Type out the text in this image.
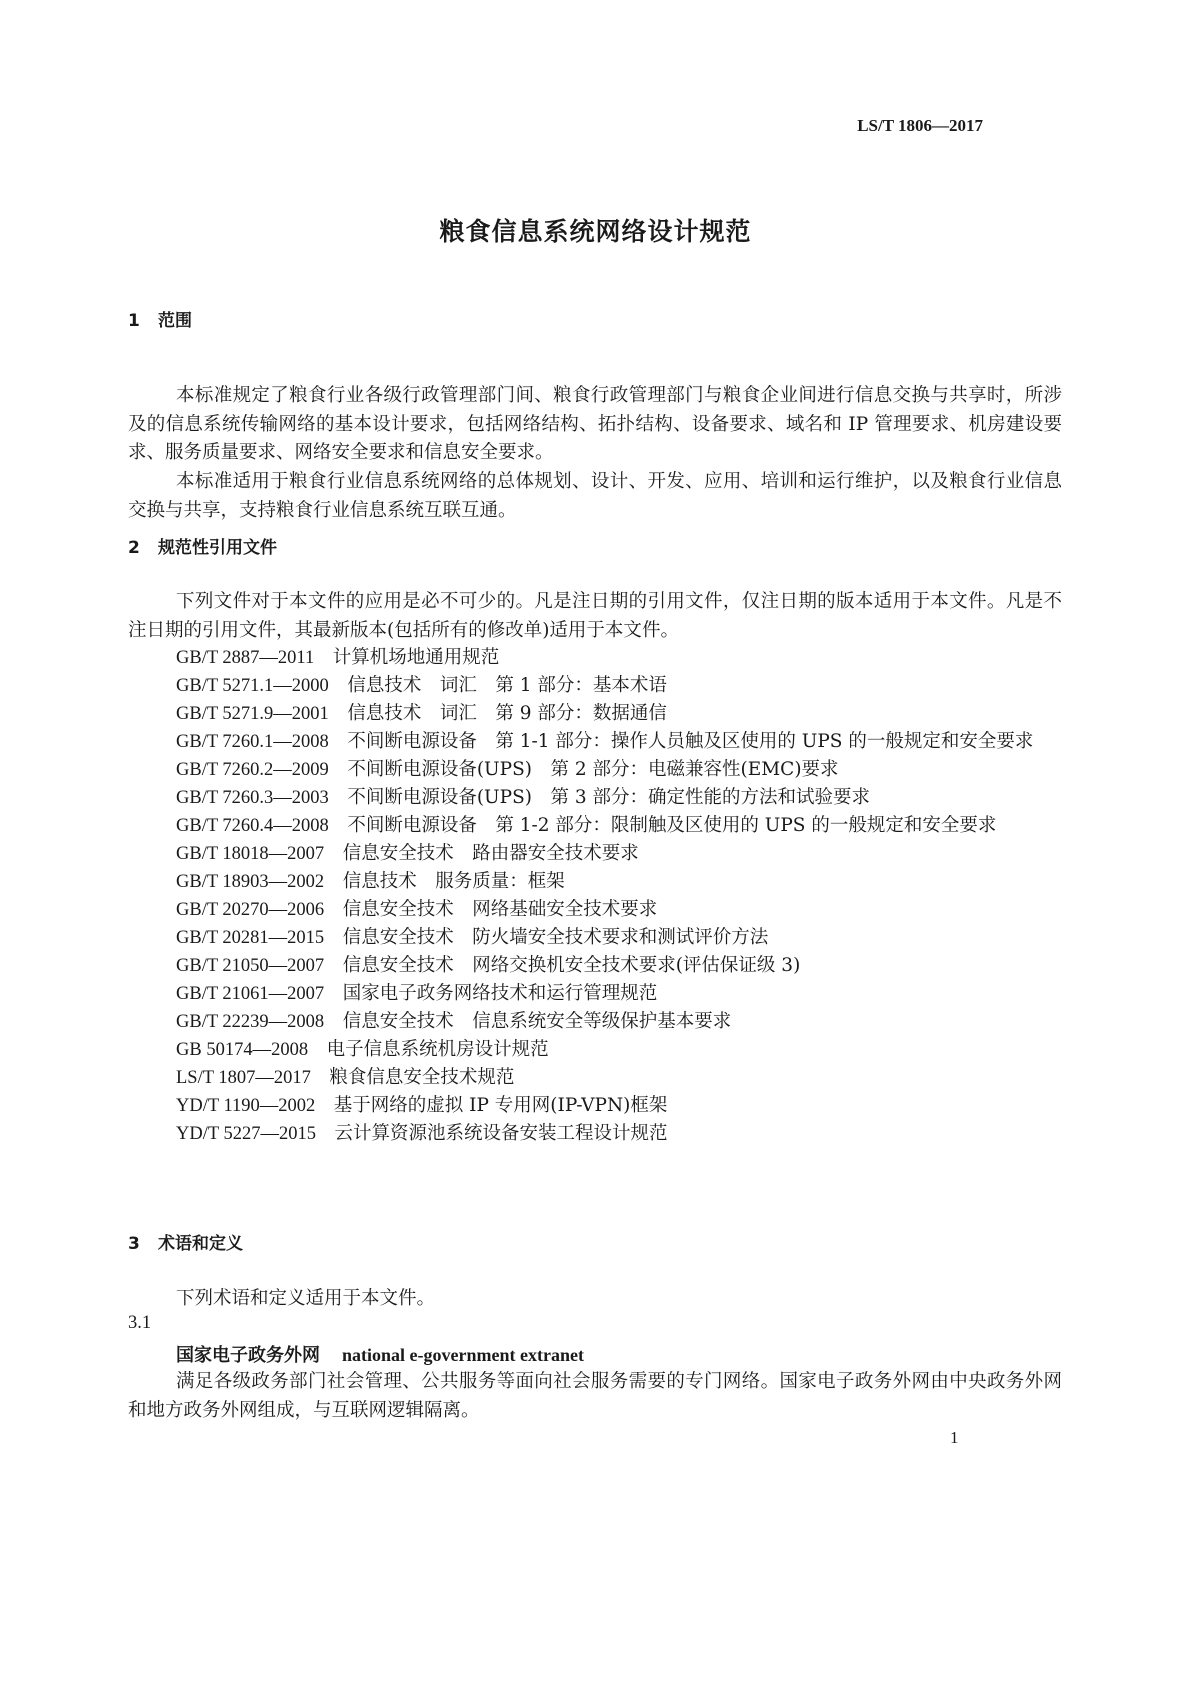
LS/T 1806—2017
粮食信息系统网络设计规范
1 范围
本标准规定了粮食行业各级行政管理部门间、粮食行政管理部门与粮食企业间进行信息交换与共享时，所涉及的信息系统传输网络的基本设计要求，包括网络结构、拓扑结构、设备要求、域名和 IP 管理要求、机房建设要求、服务质量要求、网络安全要求和信息安全要求。
本标准适用于粮食行业信息系统网络的总体规划、设计、开发、应用、培训和运行维护，以及粮食行业信息交换与共享，支持粮食行业信息系统互联互通。
2 规范性引用文件
下列文件对于本文件的应用是必不可少的。凡是注日期的引用文件，仅注日期的版本适用于本文件。凡是不注日期的引用文件，其最新版本(包括所有的修改单)适用于本文件。
GB/T 2887—2011　 计算机场地通用规范
GB/T 5271.1—2000　 信息技术　词汇　第 1 部分：基本术语
GB/T 5271.9—2001　 信息技术　词汇　第 9 部分：数据通信
GB/T 7260.1—2008　 不间断电源设备　第 1-1 部分：操作人员触及区使用的 UPS 的一般规定和安全要求
GB/T 7260.2—2009　 不间断电源设备(UPS)　第 2 部分：电磁兼容性(EMC)要求
GB/T 7260.3—2003　 不间断电源设备(UPS)　第 3 部分：确定性能的方法和试验要求
GB/T 7260.4—2008　 不间断电源设备　第 1-2 部分：限制触及区使用的 UPS 的一般规定和安全要求
GB/T 18018—2007　 信息安全技术　路由器安全技术要求
GB/T 18903—2002　 信息技术　服务质量：框架
GB/T 20270—2006　 信息安全技术　网络基础安全技术要求
GB/T 20281—2015　 信息安全技术　防火墙安全技术要求和测试评价方法
GB/T 21050—2007　 信息安全技术　网络交换机安全技术要求(评估保证级 3)
GB/T 21061—2007　 国家电子政务网络技术和运行管理规范
GB/T 22239—2008　 信息安全技术　信息系统安全等级保护基本要求
GB 50174—2008　 电子信息系统机房设计规范
LS/T 1807—2017　 粮食信息安全技术规范
YD/T 1190—2002　 基于网络的虚拟 IP 专用网(IP-VPN)框架
YD/T 5227—2015　 云计算资源池系统设备安装工程设计规范
3 术语和定义
下列术语和定义适用于本文件。
3.1
国家电子政务外网 national e-government extranet
满足各级政务部门社会管理、公共服务等面向社会服务需要的专门网络。国家电子政务外网由中央政务外网和地方政务外网组成，与互联网逻辑隔离。
1
